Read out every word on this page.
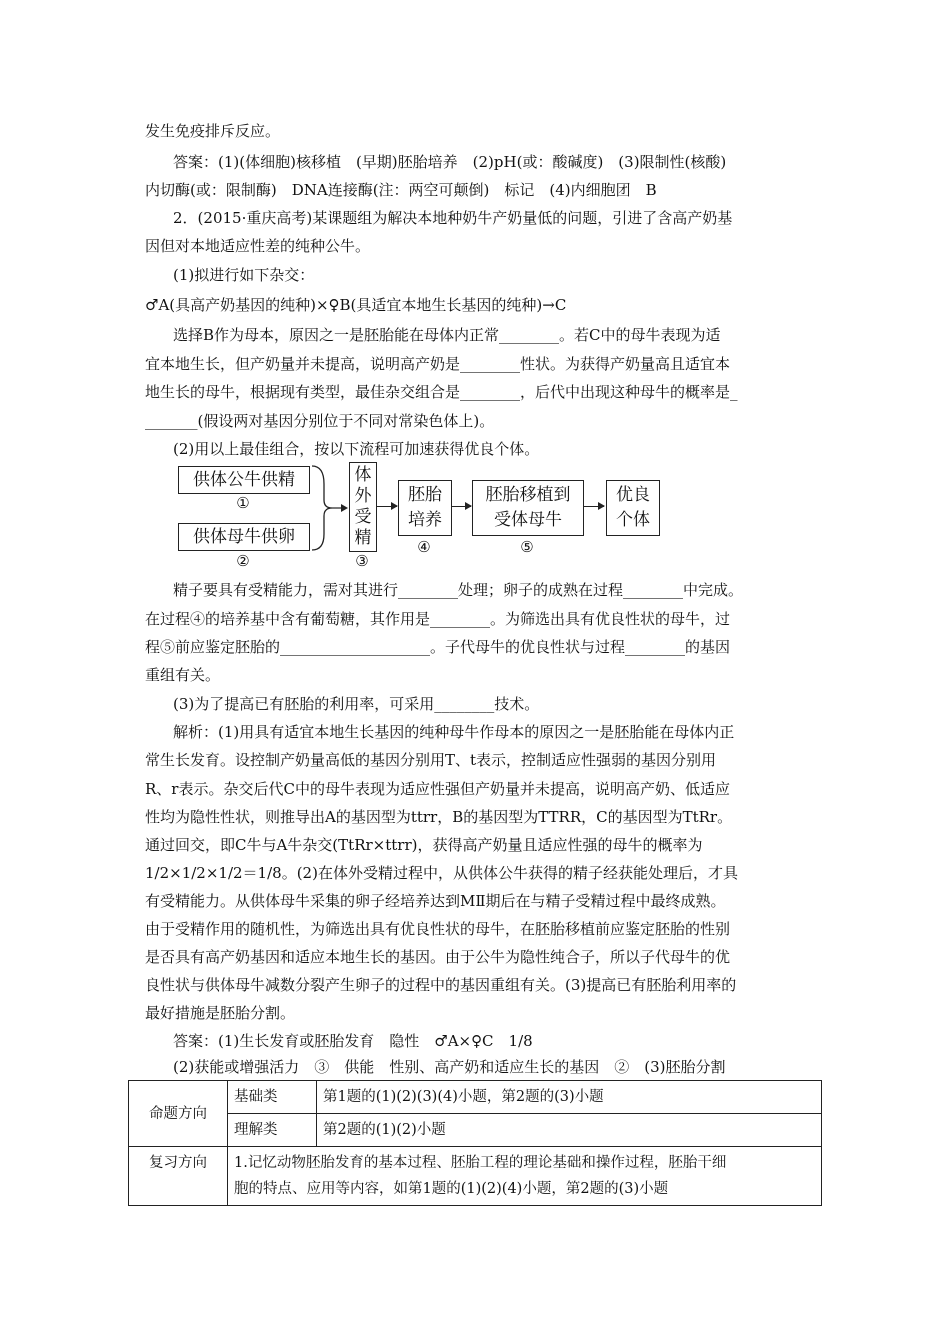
发生免疫排斥反应。
答案：(1)(体细胞)核移植　(早期)胚胎培养　(2)pH(或：酸碱度)　(3)限制性(核酸)
内切酶(或：限制酶)　DNA连接酶(注：两空可颠倒)　标记　(4)内细胞团　B
2．(2015·重庆高考)某课题组为解决本地种奶牛产奶量低的问题，引进了含高产奶基
因但对本地适应性差的纯种公牛。
(1)拟进行如下杂交：
♂A(具高产奶基因的纯种)×♀B(具适宜本地生长基因的纯种)→C
选择B作为母本，原因之一是胚胎能在母体内正常________。若C中的母牛表现为适
宜本地生长，但产奶量并未提高，说明高产奶是________性状。为获得产奶量高且适宜本
地生长的母牛，根据现有类型，最佳杂交组合是________，后代中出现这种母牛的概率是_
_______(假设两对基因分别位于不同对常染色体上)。
(2)用以上最佳组合，按以下流程可加速获得优良个体。
供体公牛供精
①
供体母牛供卵
②
体
外
受
精
③
胚胎
培养
④
胚胎移植到
受体母牛
⑤
优良
个体
精子要具有受精能力，需对其进行________处理；卵子的成熟在过程________中完成。
在过程④的培养基中含有葡萄糖，其作用是________。为筛选出具有优良性状的母牛，过
程⑤前应鉴定胚胎的____________________。子代母牛的优良性状与过程________的基因
重组有关。
(3)为了提高已有胚胎的利用率，可采用________技术。
解析：(1)用具有适宜本地生长基因的纯种母牛作母本的原因之一是胚胎能在母体内正
常生长发育。设控制产奶量高低的基因分别用T、t表示，控制适应性强弱的基因分别用
R、r表示。杂交后代C中的母牛表现为适应性强但产奶量并未提高，说明高产奶、低适应
性均为隐性性状，则推导出A的基因型为ttrr，B的基因型为TTRR，C的基因型为TtRr。
通过回交，即C牛与A牛杂交(TtRr×ttrr)，获得高产奶量且适应性强的母牛的概率为
1/2×1/2×1/2＝1/8。(2)在体外受精过程中，从供体公牛获得的精子经获能处理后，才具
有受精能力。从供体母牛采集的卵子经培养达到MⅡ期后在与精子受精过程中最终成熟。
由于受精作用的随机性，为筛选出具有优良性状的母牛，在胚胎移植前应鉴定胚胎的性别
是否具有高产奶基因和适应本地生长的基因。由于公牛为隐性纯合子，所以子代母牛的优
良性状与供体母牛减数分裂产生卵子的过程中的基因重组有关。(3)提高已有胚胎利用率的
最好措施是胚胎分割。
答案：(1)生长发育或胚胎发育　隐性　♂A×♀C　1/8
(2)获能或增强活力　③　供能　性别、高产奶和适应生长的基因　②　(3)胚胎分割
命题方向	基础类	第1题的(1)(2)(3)(4)小题，第2题的(3)小题
	理解类	第2题的(1)(2)小题
复习方向	1.记忆动物胚胎发育的基本过程、胚胎工程的理论基础和操作过程，胚胎干细
胞的特点、应用等内容，如第1题的(1)(2)(4)小题，第2题的(3)小题	
